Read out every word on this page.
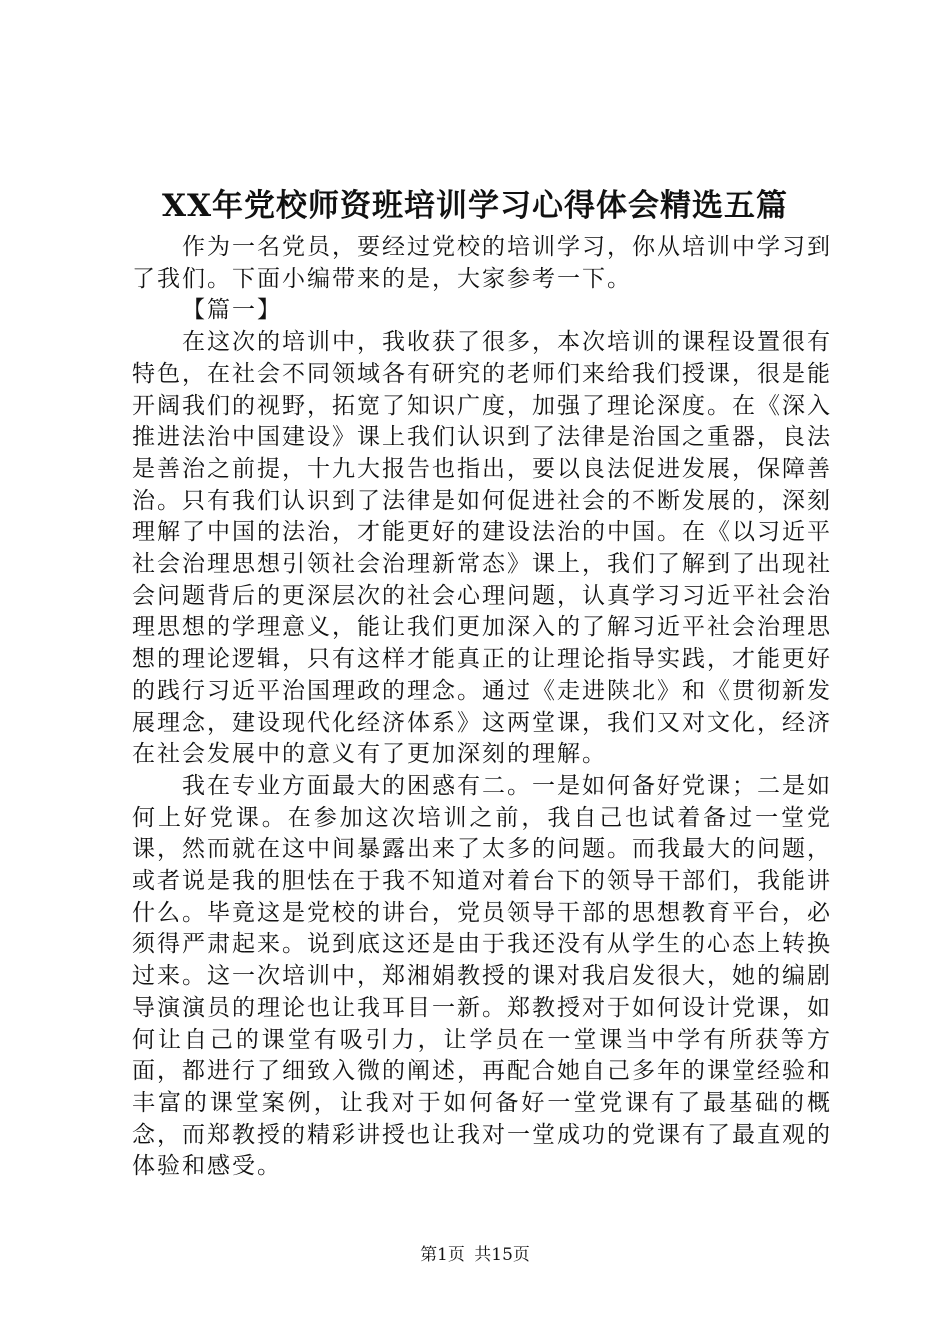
XX年党校师资班培训学习心得体会精选五篇

作为一名党员，要经过党校的培训学习，你从培训中学习到了我们。下面小编带来的是，大家参考一下。

【篇一】

在这次的培训中，我收获了很多，本次培训的课程设置很有特色，在社会不同领域各有研究的老师们来给我们授课，很是能开阔我们的视野，拓宽了知识广度，加强了理论深度。在《深入推进法治中国建设》课上我们认识到了法律是治国之重器，良法是善治之前提，十九大报告也指出，要以良法促进发展，保障善治。只有我们认识到了法律是如何促进社会的不断发展的，深刻理解了中国的法治，才能更好的建设法治的中国。在《以习近平社会治理思想引领社会治理新常态》课上，我们了解到了出现社会问题背后的更深层次的社会心理问题，认真学习习近平社会治理思想的学理意义，能让我们更加深入的了解习近平社会治理思想的理论逻辑，只有这样才能真正的让理论指导实践，才能更好的践行习近平治国理政的理念。通过《走进陕北》和《贯彻新发展理念，建设现代化经济体系》这两堂课，我们又对文化，经济在社会发展中的意义有了更加深刻的理解。

我在专业方面最大的困惑有二。一是如何备好党课；二是如何上好党课。在参加这次培训之前，我自己也试着备过一堂党课，然而就在这中间暴露出来了太多的问题。而我最大的问题，或者说是我的胆怯在于我不知道对着台下的领导干部们，我能讲什么。毕竟这是党校的讲台，党员领导干部的思想教育平台，必须得严肃起来。说到底这还是由于我还没有从学生的心态上转换过来。这一次培训中，郑湘娟教授的课对我启发很大，她的编剧导演演员的理论也让我耳目一新。郑教授对于如何设计党课，如何让自己的课堂有吸引力，让学员在一堂课当中学有所获等方面，都进行了细致入微的阐述，再配合她自己多年的课堂经验和丰富的课堂案例，让我对于如何备好一堂党课有了最基础的概念，而郑教授的精彩讲授也让我对一堂成功的党课有了最直观的体验和感受。

第1页 共15页
